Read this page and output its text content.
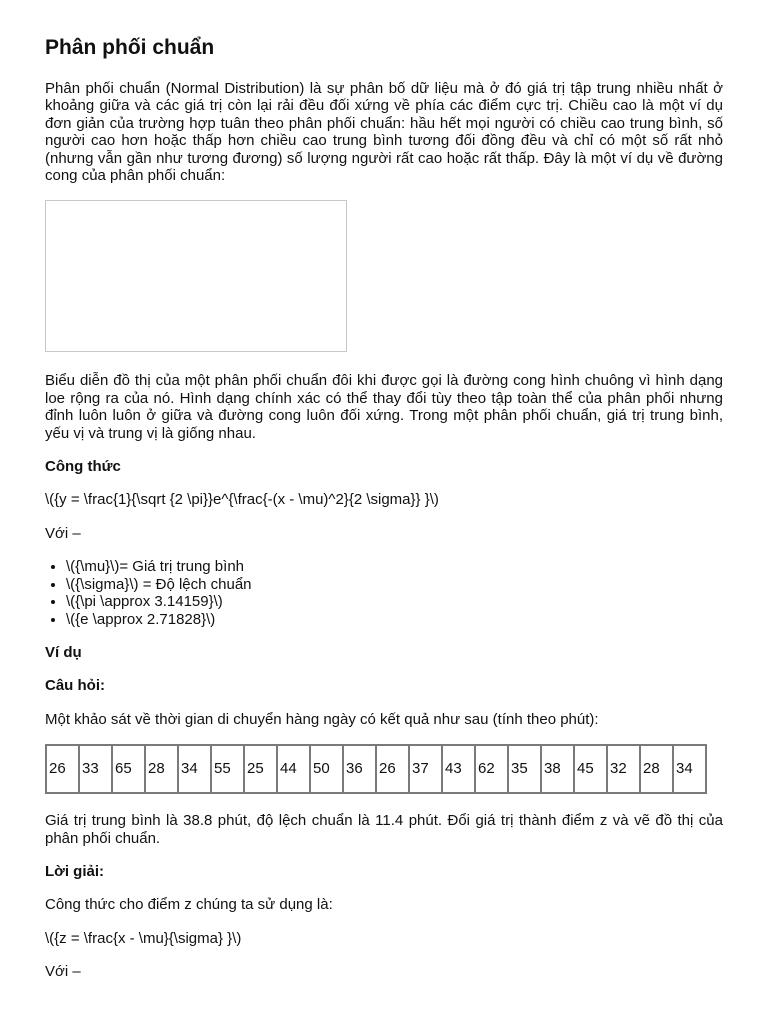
Phân phối chuẩn

Phân phối chuẩn (Normal Distribution) là sự phân bố dữ liệu mà ở đó giá trị tập trung nhiều nhất ở khoảng giữa và các giá trị còn lại rải đều đối xứng về phía các điểm cực trị. Chiều cao là một ví dụ đơn giản của trường hợp tuân theo phân phối chuẩn: hầu hết mọi người có chiều cao trung bình, số người cao hơn hoặc thấp hơn chiều cao trung bình tương đối đồng đều và chỉ có một số rất nhỏ (nhưng vẫn gần như tương đương) số lượng người rất cao hoặc rất thấp. Đây là một ví dụ về đường cong của phân phối chuẩn:

Biểu diễn đồ thị của một phân phối chuẩn đôi khi được gọi là đường cong hình chuông vì hình dạng loe rộng ra của nó. Hình dạng chính xác có thể thay đổi tùy theo tập toàn thể của phân phối nhưng đỉnh luôn luôn ở giữa và đường cong luôn đối xứng. Trong một phân phối chuẩn, giá trị trung bình, yếu vị và trung vị là giống nhau.

Công thức

\({y = \frac{1}{\sqrt {2 \pi}}e^{\frac{-(x - \mu)^2}{2 \sigma}} }\)

Với –

• \({\mu}\)= Giá trị trung bình
• \({\sigma}\) = Độ lệch chuẩn
• \({\pi \approx 3.14159}\)
• \({e \approx 2.71828}\)
Ví dụ
Câu hỏi:

Một khảo sát về thời gian di chuyển hàng ngày có kết quả như sau (tính theo phút):

26	33	65	28	34	55	25	44	50	36	26	37	43	62	35	38	45	32	28	34

Giá trị trung bình là 38.8 phút, độ lệch chuẩn là 11.4 phút. Đổi giá trị thành điểm z và vẽ đồ thị của phân phối chuẩn.

Lời giải:

Công thức cho điểm z chúng ta sử dụng là:

\({z = \frac{x - \mu}{\sigma} }\)

Với –
